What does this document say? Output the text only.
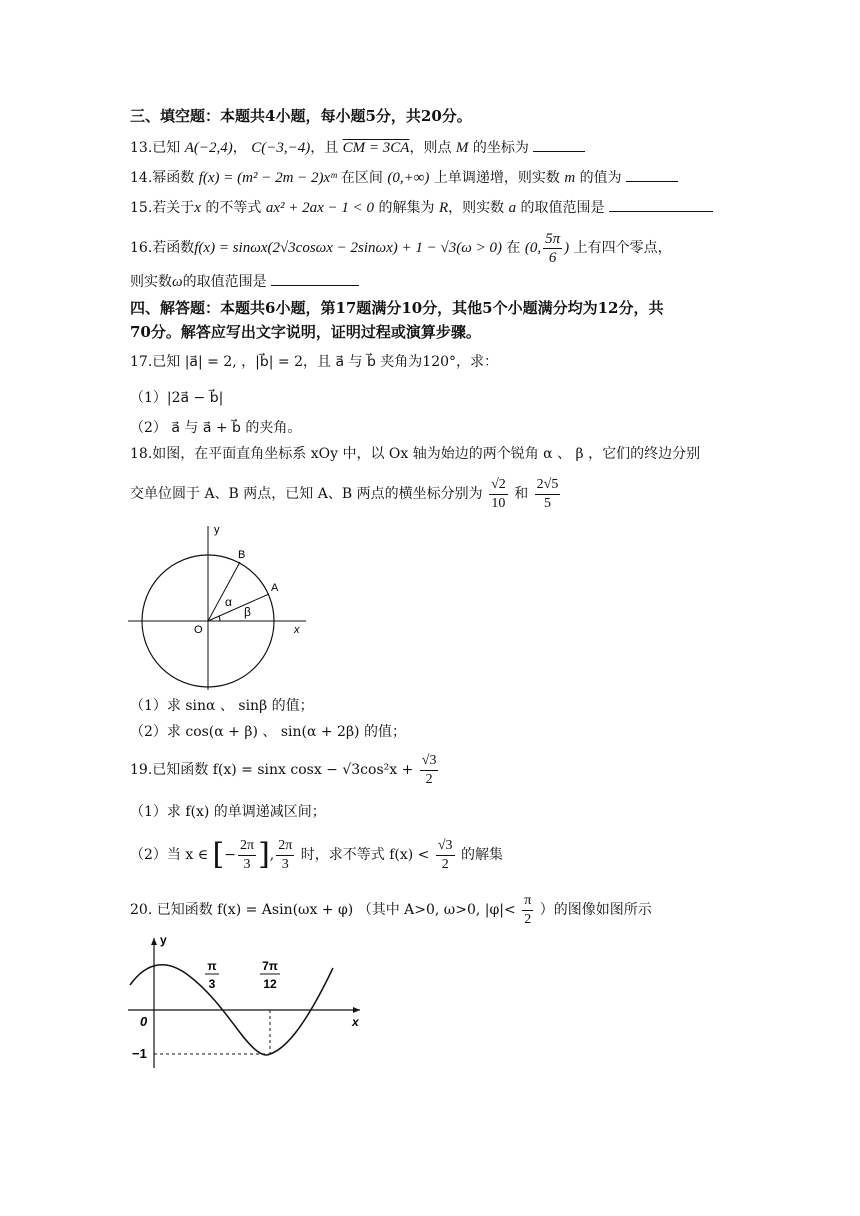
三、填空题：本题共4小题，每小题5分，共20分。
13.已知 A(−2,4)， C(−3,−4)，且 CM = 3CA，则点 M 的坐标为
14.幂函数 f(x) = (m² − 2m − 2)xᵐ 在区间 (0,+∞) 上单调递增，则实数 m 的值为
15.若关于x 的不等式 ax² + 2ax − 1 < 0 的解集为 R，则实数 a 的取值范围是
16.若函数f(x) = sinωx(2√3cosωx − 2sinωx) + 1 − √3(ω > 0) 在 (0, $\frac{5\pi}{6}$ ) 上有四个零点，
则实数ω的取值范围是
四、解答题：本题共6小题，第17题满分10分，其他5个小题满分均为12分，共
70分。解答应写出文字说明，证明过程或演算步骤。
17.已知 |a⃗| = 2, ，|b⃗| = 2，且 a⃗ 与 b⃗ 夹角为120°，求：
（1）|2a⃗ − b⃗|
（2） a⃗ 与 a⃗ + b⃗ 的夹角。
18.如图，在平面直角坐标系 xOy 中，以 Ox 轴为始边的两个锐角 α 、 β ，它们的终边分别
交单位圆于 A、B 两点，已知 A、B 两点的横坐标分别为 $\frac{√2}{10}$ 和 $\frac{2√5}{5}$
y
x
O
B
A
α
β
（1）求 sinα 、 sinβ 的值；
（2）求 cos(α + β) 、 sin(α + 2β) 的值；
19.已知函数 f(x) = sinx $\cos x - √3\cos^2x + \frac{√3}{2}$
（1）求 f(x) 的单调递减区间；
（2）当 x ∈ [− $\frac{2\pi}{3}$ ], $\frac{2\pi}{3}$ 时，求不等式 $f(x) < \frac{√3}{2}$ 的解集
20. 已知函数 f(x) = Asin(ωx + φ) （其中 A>0, ω>0, $|\varphi|< \frac{\pi}{2}$ ）的图像如图所示
y
x
0
−1
π
3
7π
12
